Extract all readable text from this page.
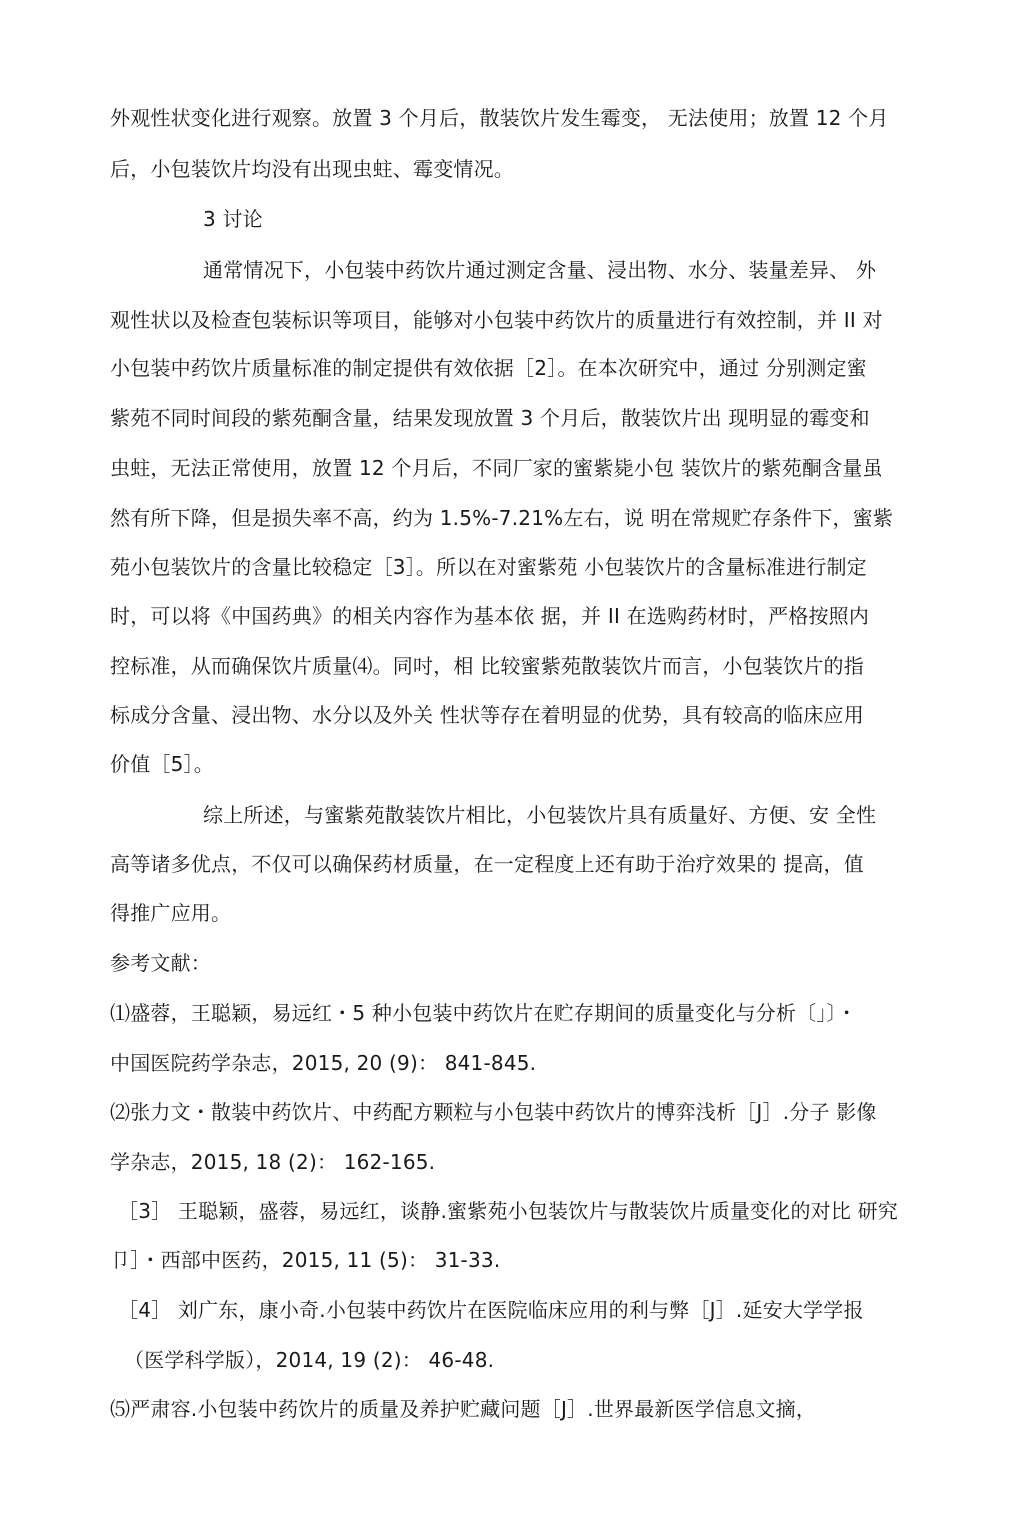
外观性状变化进行观察。放置 3 个月后，散装饮片发生霉变， 无法使用；放置 12 个月
后，小包装饮片均没有出现虫蛀、霉变情况。
3 讨论
通常情况下，小包装中药饮片通过测定含量、浸出物、水分、装量差异、 外
观性状以及检查包装标识等项目，能够对小包装中药饮片的质量进行有效控制，并 II 对
小包装中药饮片质量标准的制定提供有效依据［2］。在本次研究中，通过 分别测定蜜
紫苑不同时间段的紫苑酮含量，结果发现放置 3 个月后，散装饮片出 现明显的霉变和
虫蛀，无法正常使用，放置 12 个月后，不同厂家的蜜紫毙小包 装饮片的紫苑酮含量虽
然有所下降，但是损失率不高，约为 1.5%-7.21%左右，说 明在常规贮存条件下，蜜紫
苑小包装饮片的含量比较稳定［3］。所以在对蜜紫苑 小包装饮片的含量标准进行制定
时，可以将《中国药典》的相关内容作为基本依 据，并 II 在选购药材时，严格按照内
控标准，从而确保饮片质量⑷。同吋，相 比较蜜紫苑散装饮片而言，小包装饮片的指
标成分含量、浸出物、水分以及外关 性状等存在着明显的优势，具有较高的临床应用
价值［5］。
综上所述，与蜜紫苑散装饮片相比，小包装饮片具有质量好、方便、安 全性
高等诸多优点，不仅可以确保药材质量，在一定程度上还有助于治疗效果的 提高，值
得推广应用。
参考文献：
⑴盛蓉，王聪颖，易远红・5 种小包装中药饮片在贮存期间的质量变化与分析〔」〕・
中国医院药学杂志，2015, 20 (9)： 841-845.
⑵张力文・散装中药饮片、中药配方颗粒与小包装中药饮片的博弈浅析［J］.分子 影像
学杂志，2015, 18 (2)： 162-165.
［3］ 王聪颖，盛蓉，易远红，谈静.蜜紫苑小包装饮片与散装饮片质量变化的对比 研究
卩］・西部中医药，2015, 11 (5)： 31-33.
［4］ 刘广东，康小奇.小包装中药饮片在医院临床应用的利与弊［J］.延安大学学报
（医学科学版），2014, 19 (2)： 46-48.
⑸严肃容.小包装中药饮片的质量及养护贮藏问题［J］.世界最新医学信息文摘，
